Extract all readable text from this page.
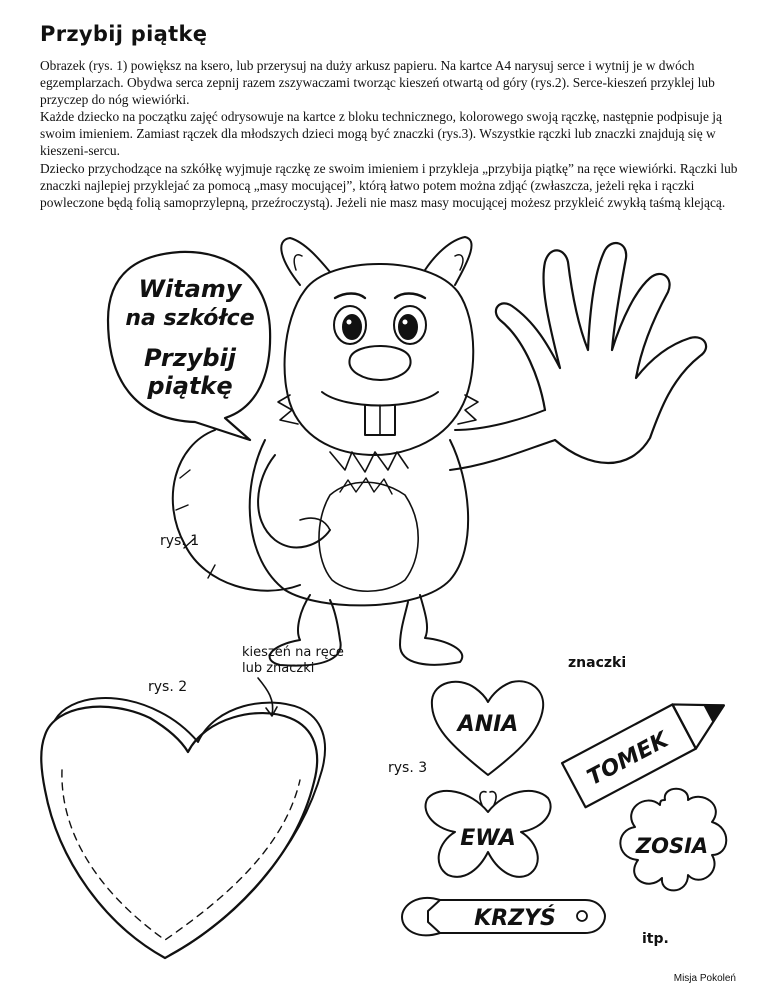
Przybij piątkę

Obrazek (rys. 1) powiększ na ksero, lub przerysuj na duży arkusz papieru. Na kartce A4 narysuj serce i wytnij je w dwóch egzemplarzach. Obydwa serca zepnij razem zszywaczami tworząc kieszeń otwartą od góry (rys.2). Serce-kieszeń przyklej lub przyczep do nóg wiewiórki.

Każde dziecko na początku zajęć odrysowuje na kartce z bloku technicznego, kolorowego swoją rączkę, następnie podpisuje ją swoim imieniem. Zamiast rączek dla młodszych dzieci mogą być znaczki (rys.3). Wszystkie rączki lub znaczki znajdują się w kieszeni-sercu.

Dziecko przychodzące na szkółkę wyjmuje rączkę ze swoim imieniem i przykleja „przybija piątkę” na ręce wiewiórki. Rączki lub znaczki najlepiej przyklejać za pomocą „masy mocującej”, którą łatwo potem można zdjąć (zwłaszcza, jeżeli ręka i rączki powleczone będą folią samoprzylepną, przeźroczystą). Jeżeli nie masz masy mocującej możesz przykleić zwykłą taśmą klejącą.

Witamy
na szkółce
Przybij
piątkę
rys. 1
rys. 2
kieszeń na ręce
lub znaczki	znaczki
rys. 3
ANIA
TOMEK
EWA	ZOSIA
KRZYŚ
itp.
Misja Pokoleń
